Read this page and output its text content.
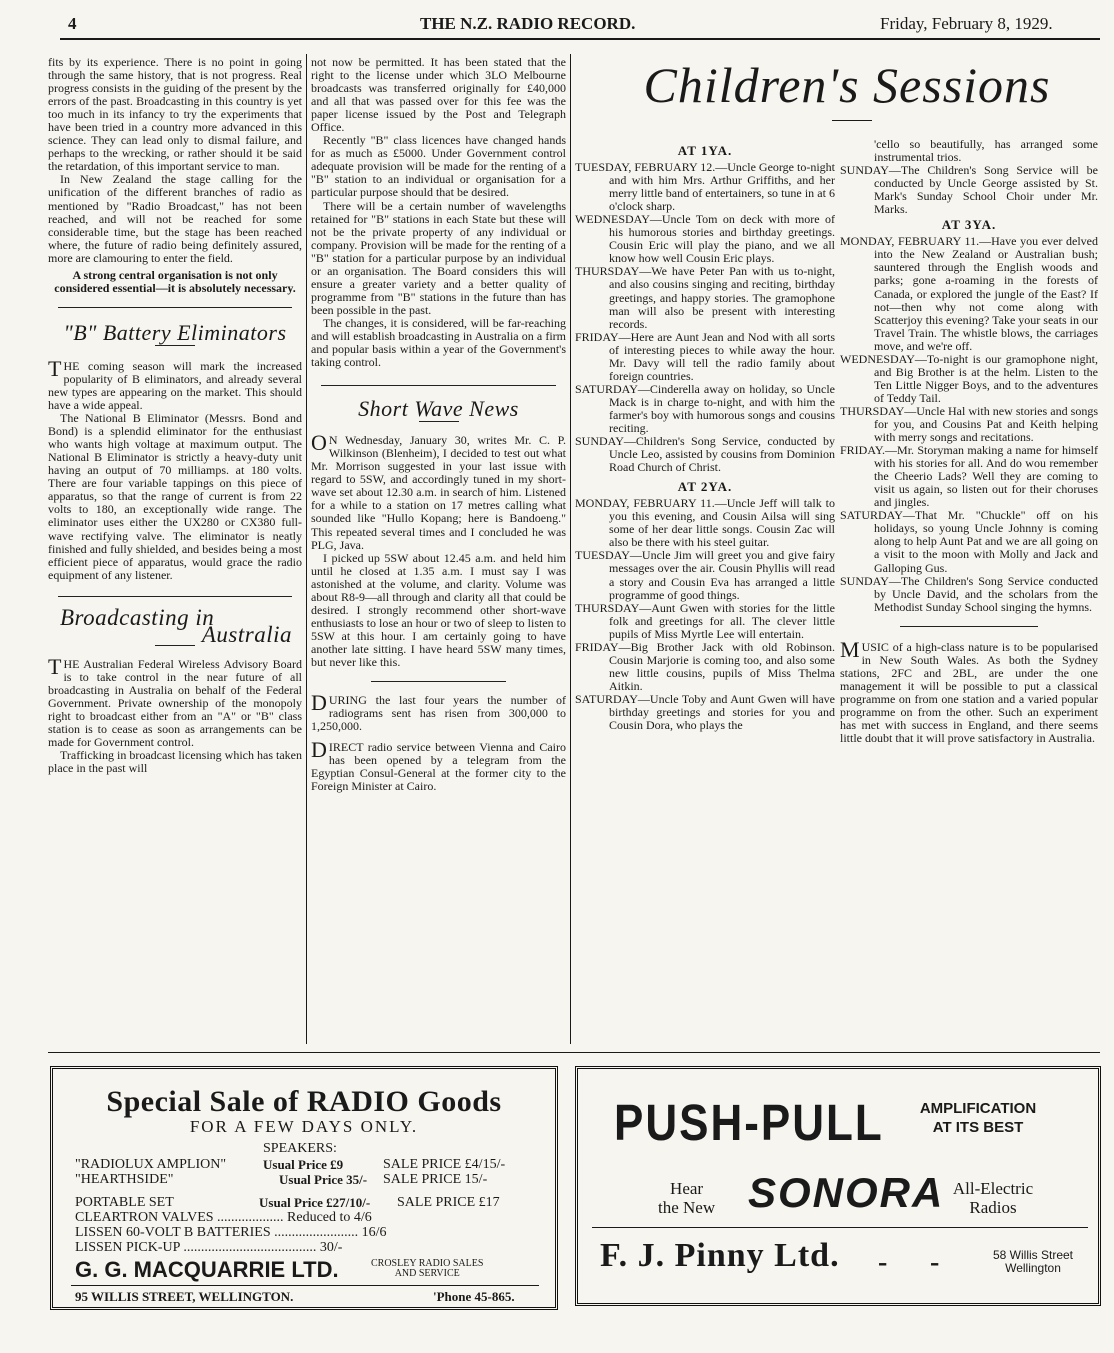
4	THE N.Z. RADIO RECORD.	Friday, February 8, 1929.

fits by its experience. There is no point in going through the same history, that is not progress. Real progress consists in the guiding of the present by the errors of the past. Broadcasting in this country is yet too much in its infancy to try the experiments that have been tried in a country more advanced in this science. They can lead only to dismal failure, and perhaps to the wrecking, or rather should it be said the retardation, of this important service to man.

In New Zealand the stage calling for the unification of the different branches of radio as mentioned by "Radio Broadcast," has not been reached, and will not be reached for some considerable time, but the stage has been reached where, the future of radio being definitely assured, more are clamouring to enter the field.

A strong central organisation is not only considered essential—it is absolutely necessary.

"B" Battery Eliminators

THE coming season will mark the increased popularity of B eliminators, and already several new types are appearing on the market. This should have a wide appeal.

The National B Eliminator (Messrs. Bond and Bond) is a splendid eliminator for the enthusiast who wants high voltage at maximum output. The National B Eliminator is strictly a heavy-duty unit having an output of 70 milliamps. at 180 volts. There are four variable tappings on this piece of apparatus, so that the range of current is from 22 volts to 180, an exceptionally wide range. The eliminator uses either the UX280 or CX380 full-wave rectifying valve. The eliminator is neatly finished and fully shielded, and besides being a most efficient piece of apparatus, would grace the radio equipment of any listener.

Broadcasting in
Australia

THE Australian Federal Wireless Advisory Board is to take control in the near future of all broadcasting in Australia on behalf of the Federal Government. Private ownership of the monopoly right to broadcast either from an "A" or "B" class station is to cease as soon as arrangements can be made for Government control.

Trafficking in broadcast licensing which has taken place in the past will

not now be permitted. It has been stated that the right to the license under which 3LO Melbourne broadcasts was transferred originally for £40,000 and all that was passed over for this fee was the paper license issued by the Post and Telegraph Office.

Recently "B" class licences have changed hands for as much as £5000. Under Government control adequate provision will be made for the renting of a "B" station to an individual or organisation for a particular purpose should that be desired.

There will be a certain number of wavelengths retained for "B" stations in each State but these will not be the private property of any individual or company. Provision will be made for the renting of a "B" station for a particular purpose by an individual or an organisation. The Board considers this will ensure a greater variety and a better quality of programme from "B" stations in the future than has been possible in the past.

The changes, it is considered, will be far-reaching and will establish broadcasting in Australia on a firm and popular basis within a year of the Government's taking control.

Short Wave News

O N Wednesday, January 30, writes Mr. C. P. Wilkinson (Blenheim), I decided to test out what Mr. Morrison suggested in your last issue with regard to 5SW, and accordingly tuned in my short-wave set about 12.30 a.m. in search of him. Listened for a while to a station on 17 metres calling what sounded like "Hullo Kopang; here is Bandoeng." This repeated several times and I concluded he was PLG, Java.

I picked up 5SW about 12.45 a.m. and held him until he closed at 1.35 a.m. I must say I was astonished at the volume, and clarity. Volume was about R8-9—all through and clarity all that could be desired. I strongly recommend other short-wave enthusiasts to lose an hour or two of sleep to listen to 5SW at this hour. I am certainly going to have another late sitting. I have heard 5SW many times, but never like this.

DURING the last four years the number of radiograms sent has risen from 300,000 to 1,250,000.

DIRECT radio service between Vienna and Cairo has been opened by a telegram from the Egyptian Consul-General at the former city to the Foreign Minister at Cairo.

Children's Sessions
AT 1YA.

TUESDAY, FEBRUARY 12.—Uncle George to-night and with him Mrs. Arthur Griffiths, and her merry little band of entertainers, so tune in at 6 o'clock sharp.

WEDNESDAY—Uncle Tom on deck with more of his humorous stories and birthday greetings. Cousin Eric will play the piano, and we all know how well Cousin Eric plays.

THURSDAY—We have Peter Pan with us to-night, and also cousins singing and reciting, birthday greetings, and happy stories. The gramophone man will also be present with interesting records.

FRIDAY—Here are Aunt Jean and Nod with all sorts of interesting pieces to while away the hour. Mr. Davy will tell the radio family about foreign countries.

SATURDAY—Cinderella away on holiday, so Uncle Mack is in charge to-night, and with him the farmer's boy with humorous songs and cousins reciting.

SUNDAY—Children's Song Service, conducted by Uncle Leo, assisted by cousins from Dominion Road Church of Christ.

AT 2YA.

MONDAY, FEBRUARY 11.—Uncle Jeff will talk to you this evening, and Cousin Ailsa will sing some of her dear little songs. Cousin Zac will also be there with his steel guitar.

TUESDAY—Uncle Jim will greet you and give fairy messages over the air. Cousin Phyllis will read a story and Cousin Eva has arranged a little programme of good things.

THURSDAY—Aunt Gwen with stories for the little folk and greetings for all. The clever little pupils of Miss Myrtle Lee will entertain.

FRIDAY—Big Brother Jack with old Robinson. Cousin Marjorie is coming too, and also some new little cousins, pupils of Miss Thelma Aitkin.

SATURDAY—Uncle Toby and Aunt Gwen will have birthday greetings and stories for you and Cousin Dora, who plays the

'cello so beautifully, has arranged some instrumental trios.

SUNDAY—The Children's Song Service will be conducted by Uncle George assisted by St. Mark's Sunday School Choir under Mr. Marks.

AT 3YA.

MONDAY, FEBRUARY 11.—Have you ever delved into the New Zealand or Australian bush; sauntered through the English woods and parks; gone a-roaming in the forests of Canada, or explored the jungle of the East? If not—then why not come along with Scatterjoy this evening? Take your seats in our Travel Train. The whistle blows, the carriages move, and we're off.

WEDNESDAY—To-night is our gramophone night, and Big Brother is at the helm. Listen to the Ten Little Nigger Boys, and to the adventures of Teddy Tail.

THURSDAY—Uncle Hal with new stories and songs for you, and Cousins Pat and Keith helping with merry songs and recitations.

FRIDAY.—Mr. Storyman making a name for himself with his stories for all. And do wou remember the Cheerio Lads? Well they are coming to visit us again, so listen out for their choruses and jingles.

SATURDAY—That Mr. "Chuckle" off on his holidays, so young Uncle Johnny is coming along to help Aunt Pat and we are all going on a visit to the moon with Molly and Jack and Galloping Gus.

SUNDAY—The Children's Song Service conducted by Uncle David, and the scholars from the Methodist Sunday School singing the hymns.

MUSIC of a high-class nature is to be popularised in New South Wales. As both the Sydney stations, 2FC and 2BL, are under the one management it will be possible to put a classical programme on from one station and a varied popular programme on from the other. Such an experiment has met with success in England, and there seems little doubt that it will prove satisfactory in Australia.

Special Sale of RADIO Goods
FOR A FEW DAYS ONLY.
SPEAKERS:
"RADIOLUX AMPLION"	Usual Price £9	SALE PRICE £4/15/-
"HEARTHSIDE"	Usual Price 35/- SALE PRICE 15/-
PORTABLE SET	Usual Price £27/10/- SALE PRICE £17
CLEARTRON VALVES ................... Reduced to 4/6
LISSEN 60-VOLT B BATTERIES ........................ 16/6
LISSEN PICK-UP ...................................... 30/-
G. G. MACQUARRIE LTD.	CROSLEY RADIO SALES
AND SERVICE
95 WILLIS STREET, WELLINGTON.	'Phone 45-865.
PUSH-PULL	AMPLIFICATION
AT ITS BEST
Hear
the New SONORA All-Electric
Radios
F. J. Pinny Ltd. - -	58 Willis Street
Wellington
